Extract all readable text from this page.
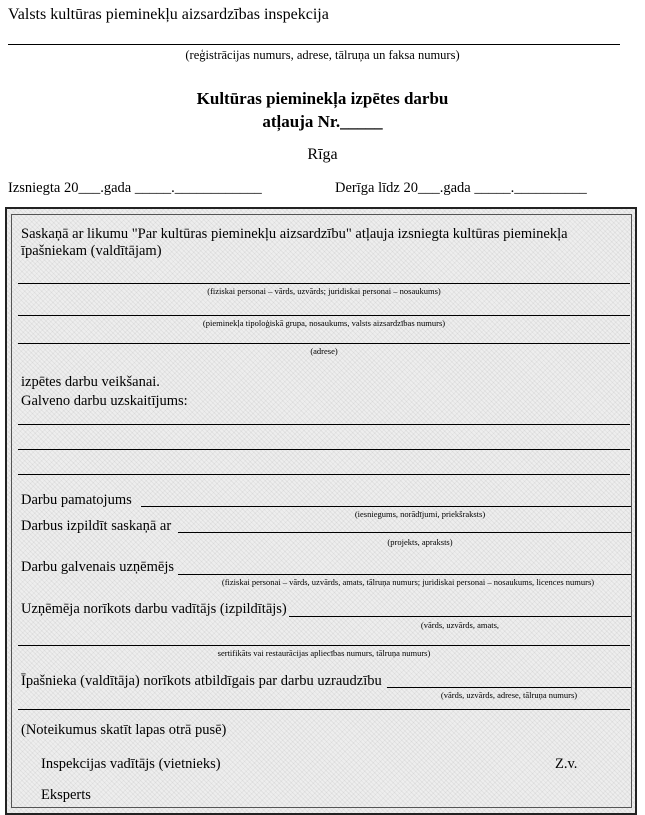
Valsts kultūras pieminekļu aizsardzības inspekcija
(reģistrācijas numurs, adrese, tālruņa un faksa numurs)
Kultūras pieminekļa izpētes darbu
atļauja Nr._____
Rīga
Izsniegta 20___.gada _____.____________	Derīga līdz 20___.gada _____.__________
Saskaņā ar likumu "Par kultūras pieminekļu aizsardzību" atļauja izsniegta kultūras pieminekļa
īpašniekam (valdītājam)
(fiziskai personai – vārds, uzvārds; juridiskai personai – nosaukums)
(pieminekļa tipoloģiskā grupa, nosaukums, valsts aizsardzības numurs)
(adrese)
izpētes darbu veikšanai.
Galveno darbu uzskaitījums:
Darbu pamatojums
(iesniegums, norādījumi, priekšraksts)
Darbus izpildīt saskaņā ar
(projekts, apraksts)
Darbu galvenais uzņēmējs
(fiziskai personai – vārds, uzvārds, amats, tālruņa numurs; juridiskai personai – nosaukums, licences numurs)
Uzņēmēja norīkots darbu vadītājs (izpildītājs)
(vārds, uzvārds, amats,
sertifikāts vai restaurācijas apliecības numurs, tālruņa numurs)
Īpašnieka (valdītāja) norīkots atbildīgais par darbu uzraudzību
(vārds, uzvārds, adrese, tālruņa numurs)
(Noteikumus skatīt lapas otrā pusē)
Inspekcijas vadītājs (vietnieks)	Z.v.
Eksperts
